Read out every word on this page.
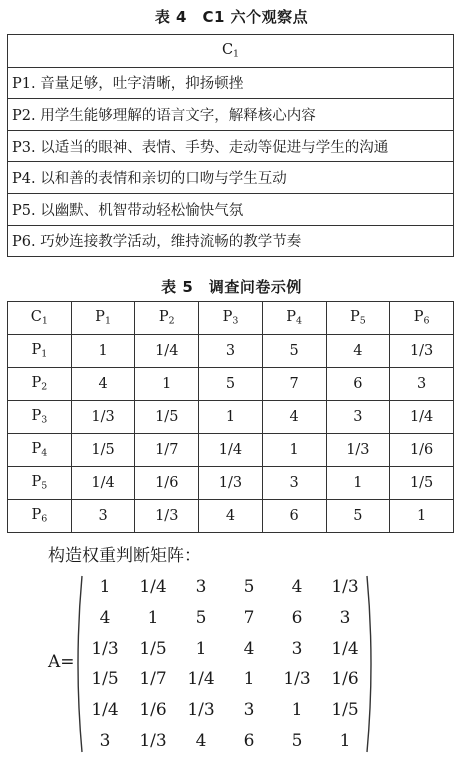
表 4　C1 六个观察点
$C_1$
P1. 音量足够，吐字清晰，抑扬顿挫
P2. 用学生能够理解的语言文字，解释核心内容
P3. 以适当的眼神、表情、手势、走动等促进与学生的沟通
P4. 以和善的表情和亲切的口吻与学生互动
P5. 以幽默、机智带动轻松愉快气氛
P6. 巧妙连接教学活动，维持流畅的教学节奏
表 5　调查问卷示例
$C_1$	$P_1$	$P_2$	$P_3$	$P_4$	$P_5$	$P_6$
$P_1$	1	1/4	3	5	4	1/3
$P_2$	4	1	5	7	6	3
$P_3$	1/3	1/5	1	4	3	1/4
$P_4$	1/5	1/7	1/4	1	1/3	1/6
$P_5$	1/4	1/6	1/3	3	1	1/5
$P_6$	3	1/3	4	6	5	1
构造权重判断矩阵：
A=
1	1/4	3	5	4	1/3
4	1	5	7	6	3
1/3	1/5	1	4	3	1/4
1/5	1/7	1/4	1	1/3	1/6
1/4	1/6	1/3	3	1	1/5
3	1/3	4	6	5	1
